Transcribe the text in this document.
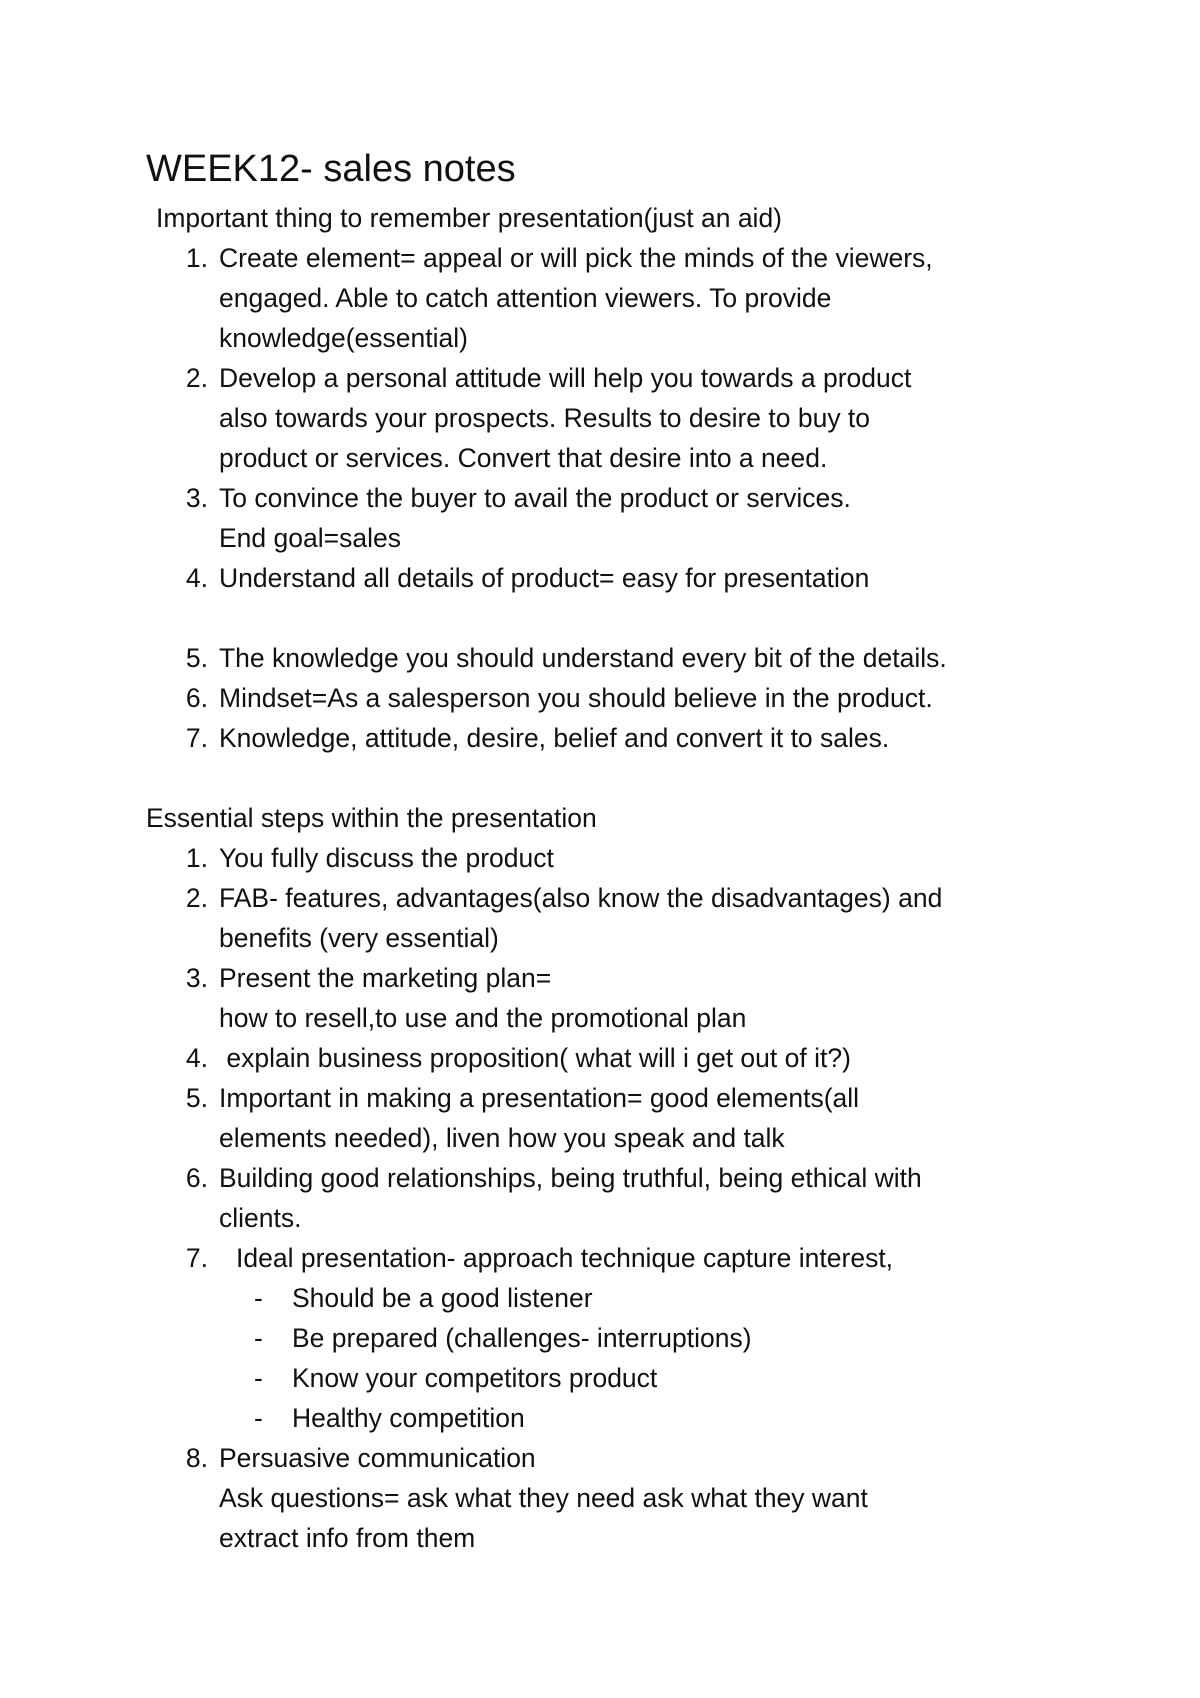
WEEK12- sales notes

Important thing to remember presentation(just an aid)

1. Create element= appeal or will pick the minds of the viewers,

engaged. Able to catch attention viewers. To provide

knowledge(essential)

2. Develop a personal attitude will help you towards a product

also towards your prospects. Results to desire to buy to

product or services. Convert that desire into a need.

3. To convince the buyer to avail the product or services.

End goal=sales

4. Understand all details of product= easy for presentation

5. The knowledge you should understand every bit of the details.

6. Mindset=As a salesperson you should believe in the product.

7. Knowledge, attitude, desire, belief and convert it to sales.

Essential steps within the presentation

1. You fully discuss the product

2. FAB- features, advantages(also know the disadvantages) and

benefits (very essential)

3. Present the marketing plan=

how to resell,to use and the promotional plan

4. explain business proposition( what will i get out of it?)

5. Important in making a presentation= good elements(all

elements needed), liven how you speak and talk

6. Building good relationships, being truthful, being ethical with

clients.

7. Ideal presentation- approach technique capture interest,

- Should be a good listener

- Be prepared (challenges- interruptions)

- Know your competitors product

- Healthy competition

8. Persuasive communication

Ask questions= ask what they need ask what they want

extract info from them
